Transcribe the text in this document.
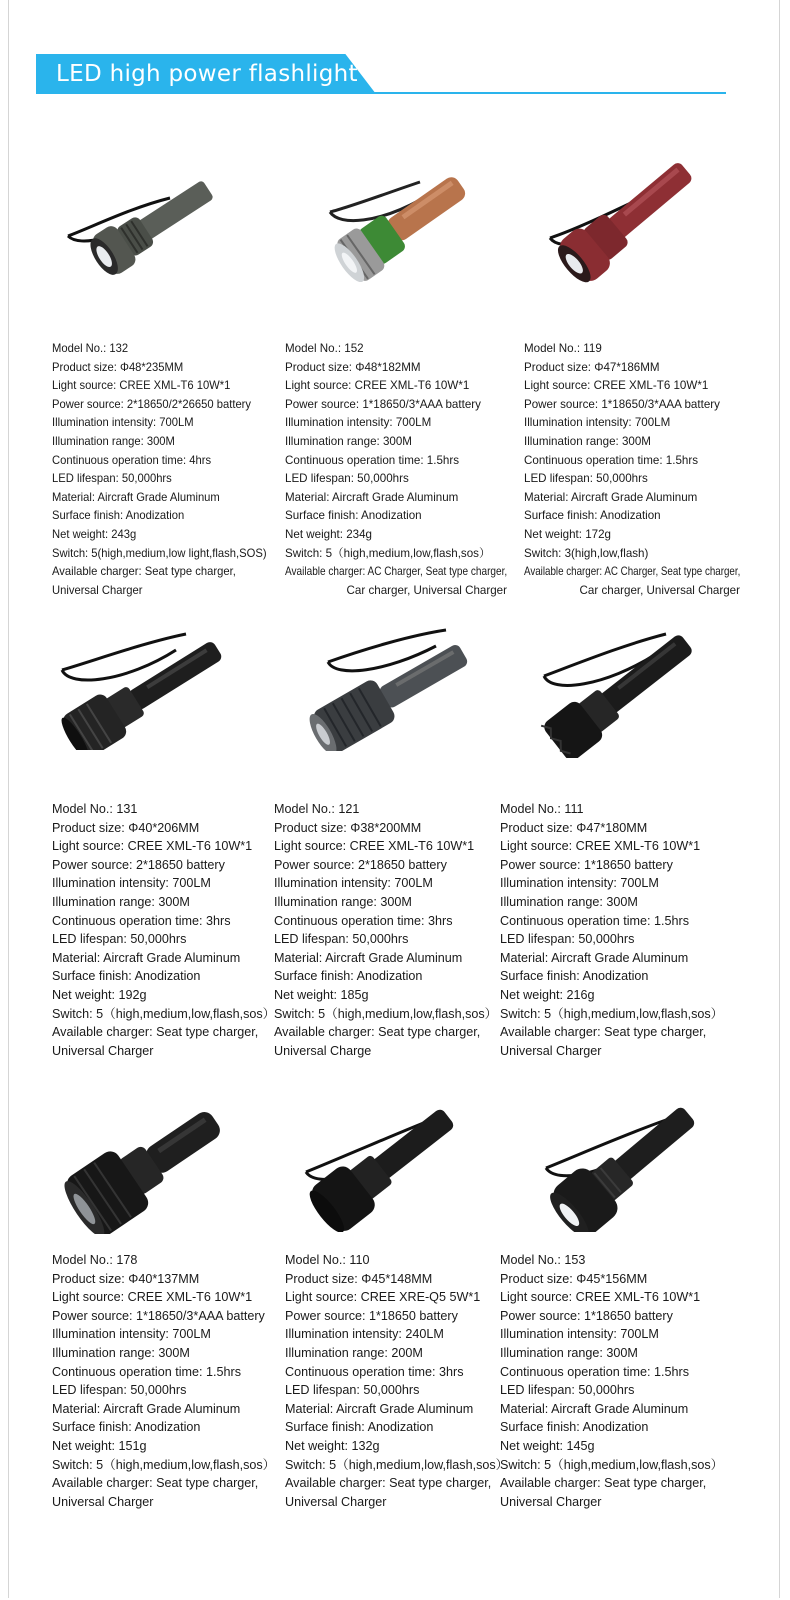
LED high power flashlight
Model No.: 132
Product size: Φ48*235MM
Light source: CREE XML-T6 10W*1
Power source: 2*18650/2*26650 battery
Illumination intensity: 700LM
Illumination range: 300M
Continuous operation time: 4hrs
LED lifespan: 50,000hrs
Material: Aircraft Grade Aluminum
Surface finish: Anodization
Net weight: 243g
Switch: 5(high,medium,low light,flash,SOS)
Available charger: Seat type charger,
Universal Charger
Model No.: 152
Product size: Φ48*182MM
Light source: CREE XML-T6 10W*1
Power source: 1*18650/3*AAA battery
Illumination intensity: 700LM
Illumination range: 300M
Continuous operation time: 1.5hrs
LED lifespan: 50,000hrs
Material: Aircraft Grade Aluminum
Surface finish: Anodization
Net weight: 234g
Switch: 5（high,medium,low,flash,sos）
Available charger: AC Charger, Seat type charger,
Car charger, Universal Charger
Model No.: 119
Product size: Φ47*186MM
Light source: CREE XML-T6 10W*1
Power source: 1*18650/3*AAA battery
Illumination intensity: 700LM
Illumination range: 300M
Continuous operation time: 1.5hrs
LED lifespan: 50,000hrs
Material: Aircraft Grade Aluminum
Surface finish: Anodization
Net weight: 172g
Switch: 3(high,low,flash)
Available charger: AC Charger, Seat type charger,
Car charger, Universal Charger
Model No.: 131
Product size: Φ40*206MM
Light source: CREE XML-T6 10W*1
Power source: 2*18650 battery
Illumination intensity: 700LM
Illumination range: 300M
Continuous operation time: 3hrs
LED lifespan: 50,000hrs
Material: Aircraft Grade Aluminum
Surface finish: Anodization
Net weight: 192g
Switch: 5（high,medium,low,flash,sos）
Available charger: Seat type charger,
Universal Charger
Model No.: 121
Product size: Φ38*200MM
Light source: CREE XML-T6 10W*1
Power source: 2*18650 battery
Illumination intensity: 700LM
Illumination range: 300M
Continuous operation time: 3hrs
LED lifespan: 50,000hrs
Material: Aircraft Grade Aluminum
Surface finish: Anodization
Net weight: 185g
Switch: 5（high,medium,low,flash,sos）
Available charger: Seat type charger,
Universal Charge
Model No.: 111
Product size: Φ47*180MM
Light source: CREE XML-T6 10W*1
Power source: 1*18650 battery
Illumination intensity: 700LM
Illumination range: 300M
Continuous operation time: 1.5hrs
LED lifespan: 50,000hrs
Material: Aircraft Grade Aluminum
Surface finish: Anodization
Net weight: 216g
Switch: 5（high,medium,low,flash,sos）
Available charger: Seat type charger,
Universal Charger
Model No.: 178
Product size: Φ40*137MM
Light source: CREE XML-T6 10W*1
Power source: 1*18650/3*AAA battery
Illumination intensity: 700LM
Illumination range: 300M
Continuous operation time: 1.5hrs
LED lifespan: 50,000hrs
Material: Aircraft Grade Aluminum
Surface finish: Anodization
Net weight: 151g
Switch: 5（high,medium,low,flash,sos）
Available charger: Seat type charger,
Universal Charger
Model No.: 110
Product size: Φ45*148MM
Light source: CREE XRE-Q5 5W*1
Power source: 1*18650 battery
Illumination intensity: 240LM
Illumination range: 200M
Continuous operation time: 3hrs
LED lifespan: 50,000hrs
Material: Aircraft Grade Aluminum
Surface finish: Anodization
Net weight: 132g
Switch: 5（high,medium,low,flash,sos）
Available charger: Seat type charger,
Universal Charger
Model No.: 153
Product size: Φ45*156MM
Light source: CREE XML-T6 10W*1
Power source: 1*18650 battery
Illumination intensity: 700LM
Illumination range: 300M
Continuous operation time: 1.5hrs
LED lifespan: 50,000hrs
Material: Aircraft Grade Aluminum
Surface finish: Anodization
Net weight: 145g
Switch: 5（high,medium,low,flash,sos）
Available charger: Seat type charger,
Universal Charger
